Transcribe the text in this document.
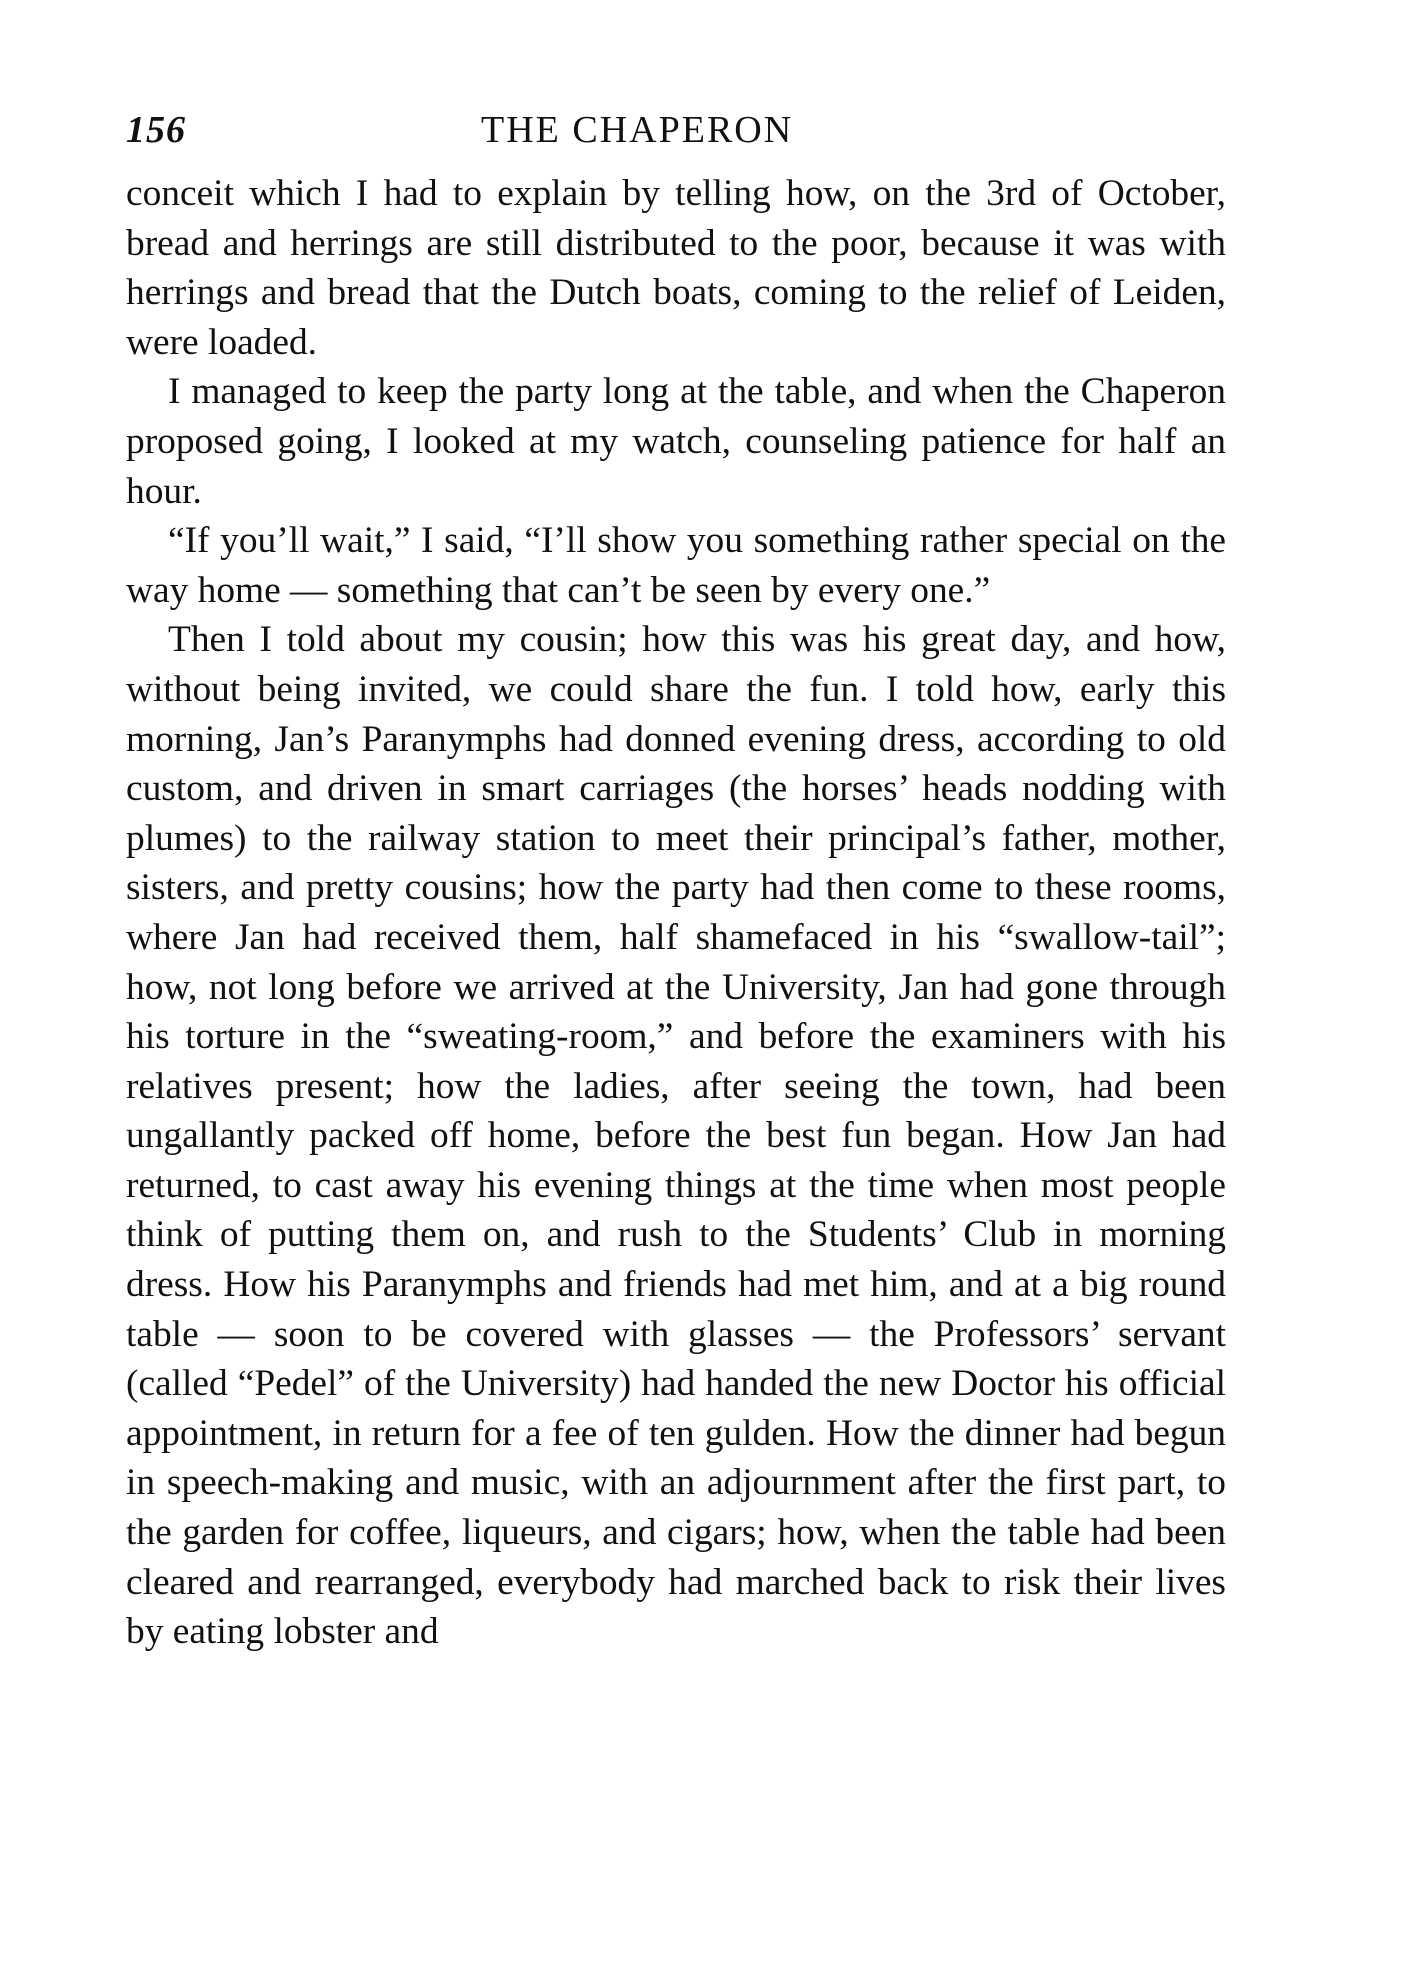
156	THE CHAPERON

conceit which I had to explain by telling how, on the 3rd of October, bread and herrings are still distributed to the poor, because it was with herrings and bread that the Dutch boats, coming to the relief of Leiden, were loaded.

I managed to keep the party long at the table, and when the Chaperon proposed going, I looked at my watch, counseling patience for half an hour.

“If you’ll wait,” I said, “I’ll show you something rather special on the way home — something that can’t be seen by every one.”

Then I told about my cousin; how this was his great day, and how, without being invited, we could share the fun. I told how, early this morning, Jan’s Paranymphs had donned evening dress, according to old custom, and driven in smart carriages (the horses’ heads nodding with plumes) to the railway station to meet their principal’s father, mother, sisters, and pretty cousins; how the party had then come to these rooms, where Jan had received them, half shamefaced in his “swallow-tail”; how, not long before we arrived at the University, Jan had gone through his torture in the “sweating-room,” and before the examiners with his relatives present; how the ladies, after seeing the town, had been ungallantly packed off home, before the best fun began. How Jan had returned, to cast away his evening things at the time when most people think of putting them on, and rush to the Students’ Club in morning dress. How his Paranymphs and friends had met him, and at a big round table — soon to be covered with glasses — the Professors’ servant (called “Pedel” of the University) had handed the new Doctor his official appointment, in return for a fee of ten gulden. How the dinner had begun in speech-making and music, with an adjournment after the first part, to the garden for coffee, liqueurs, and cigars; how, when the table had been cleared and rearranged, everybody had marched back to risk their lives by eating lobster and
